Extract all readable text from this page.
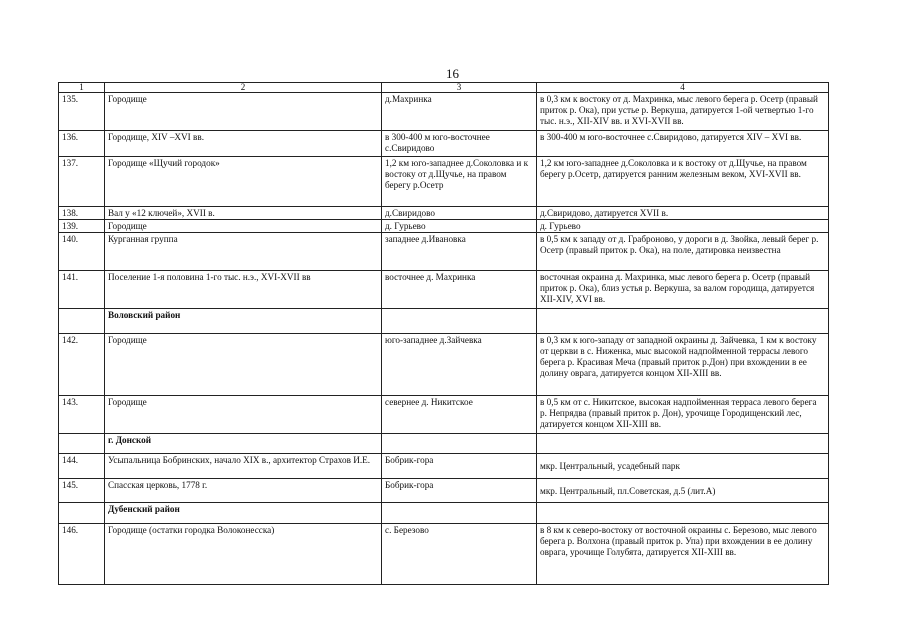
16
1	2	3	4
135.	Городище	д.Махринка	в 0,3 км к востоку от д. Махринка, мыс левого берега р. Осетр (правый приток р. Ока), при устье р. Веркуша, датируется 1-ой четвертью 1-го тыс. н.э., XII-XIV вв. и XVI-XVII вв.
136.	Городище, XIV –XVI вв.	в 300-400 м юго-восточнее с.Свиридово	в 300-400 м юго-восточнее с.Свиридово, датируется XIV – XVI вв.
137.	Городище «Щучий городок»	1,2 км юго-западнее д.Соколовка и к востоку от д.Щучье, на правом берегу р.Осетр	1,2 км юго-западнее д.Соколовка и к востоку от д.Щучье, на правом берегу р.Осетр, датируется ранним железным веком, XVI-XVII вв.
138.	Вал у «12 ключей», XVII в.	д.Свиридово	д.Свиридово, датируется XVII в.
139.	Городище	д. Гурьево	д. Гурьево
140.	Курганная группа	западнее д.Ивановка	в 0,5 км к западу от д. Граброново, у дороги в д. Звойка, левый берег р. Осетр (правый приток р. Ока), на поле, датировка неизвестна
141.	Поселение 1-я половина 1-го тыс. н.э., XVI-XVII вв	восточнее д. Махринка	восточная окраина д. Махринка, мыс левого берега р. Осетр (правый приток р. Ока), близ устья р. Веркуша, за валом городища, датируется XII-XIV, XVI вв.
	Воловский район		
142.	Городище	юго-западнее д.Зайчевка	в 0,3 км к юго-западу от западной окраины д. Зайчевка, 1 км к востоку от церкви в с. Ниженка, мыс высокой надпойменной террасы левого берега р. Красивая Меча (правый приток р.Дон) при вхождении в ее долину оврага, датируется концом XII-XIII вв.
143.	Городище	севернее д. Никитское	в 0,5 км от с. Никитское, высокая надпойменная терраса левого берега р. Непрядва (правый приток р. Дон), урочище Городищенский лес, датируется концом XII-XIII вв.
	г. Донской		
144.	Усыпальница Бобринских, начало XIX в., архитектор Страхов И.Е.	Бобрик-гора	мкр. Центральный, усадебный парк
145.	Спасская церковь, 1778 г.	Бобрик-гора	мкр. Центральный, пл.Советская, д.5 (лит.А)
	Дубенский район		
146.	Городище (остатки городка Волоконесска)	с. Березово	в 8 км к северо-востоку от восточной окраины с. Березово, мыс левого берега р. Волхона (правый приток р. Упа) при вхождении в ее долину оврага, урочище Голубята, датируется XII-XIII вв.
